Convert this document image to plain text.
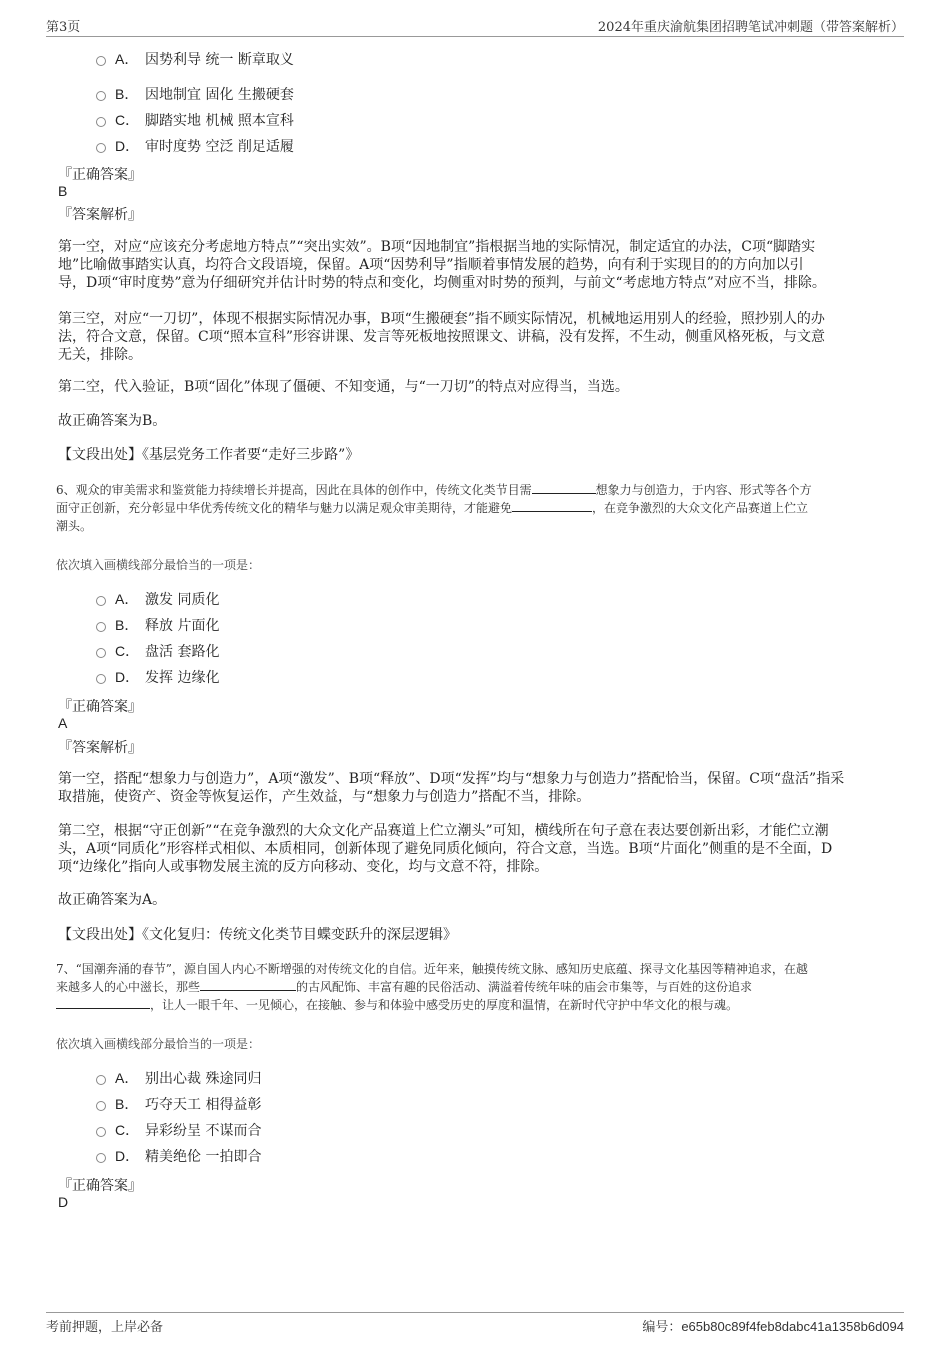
第3页	2024年重庆渝航集团招聘笔试冲刺题（带答案解析）
A． 因势利导 统一 断章取义
B． 因地制宜 固化 生搬硬套
C． 脚踏实地 机械 照本宣科
D． 审时度势 空泛 削足适履
『正确答案』
B
『答案解析』
第一空，对应“应该充分考虑地方特点”“突出实效”。B项“因地制宜”指根据当地的实际情况，制定适宜的办法，C项“脚踏实
地”比喻做事踏实认真，均符合文段语境，保留。A项“因势利导”指顺着事情发展的趋势，向有利于实现目的的方向加以引
导，D项“审时度势”意为仔细研究并估计时势的特点和变化，均侧重对时势的预判，与前文“考虑地方特点”对应不当，排除。
第三空，对应“一刀切”，体现不根据实际情况办事，B项“生搬硬套”指不顾实际情况，机械地运用别人的经验，照抄别人的办
法，符合文意，保留。C项“照本宣科”形容讲课、发言等死板地按照课文、讲稿，没有发挥，不生动，侧重风格死板，与文意
无关，排除。
第二空，代入验证，B项“固化”体现了僵硬、不知变通，与“一刀切”的特点对应得当，当选。
故正确答案为B。
【文段出处】《基层党务工作者要“走好三步路”》
6、观众的审美需求和鉴赏能力持续增长并提高，因此在具体的创作中，传统文化类节目需	想象力与创造力，于内容、形式等各个方
面守正创新，充分彰显中华优秀传统文化的精华与魅力以满足观众审美期待，才能避免	，在竞争激烈的大众文化产品赛道上伫立
潮头。
依次填入画横线部分最恰当的一项是：
A． 激发 同质化
B． 释放 片面化
C． 盘活 套路化
D． 发挥 边缘化
『正确答案』
A
『答案解析』
第一空，搭配“想象力与创造力”，A项“激发”、B项“释放”、D项“发挥”均与“想象力与创造力”搭配恰当，保留。C项“盘活”指采
取措施，使资产、资金等恢复运作，产生效益，与“想象力与创造力”搭配不当，排除。
第二空，根据“守正创新”“在竞争激烈的大众文化产品赛道上伫立潮头”可知，横线所在句子意在表达要创新出彩，才能伫立潮
头，A项“同质化”形容样式相似、本质相同，创新体现了避免同质化倾向，符合文意，当选。B项“片面化”侧重的是不全面，D
项“边缘化”指向人或事物发展主流的反方向移动、变化，均与文意不符，排除。
故正确答案为A。
【文段出处】《文化复归：传统文化类节目蝶变跃升的深层逻辑》
7、“国潮奔涌的春节”，源自国人内心不断增强的对传统文化的自信。近年来，触摸传统文脉、感知历史底蕴、探寻文化基因等精神追求，在越
来越多人的心中滋长，那些	的古风配饰、丰富有趣的民俗活动、满溢着传统年味的庙会市集等，与百姓的这份追求
，让人一眼千年、一见倾心，在接触、参与和体验中感受历史的厚度和温情，在新时代守护中华文化的根与魂。
依次填入画横线部分最恰当的一项是：
A． 别出心裁 殊途同归
B． 巧夺天工 相得益彰
C． 异彩纷呈 不谋而合
D． 精美绝伦 一拍即合
『正确答案』
D
考前押题，上岸必备	编号：e65b80c89f4feb8dabc41a1358b6d094
